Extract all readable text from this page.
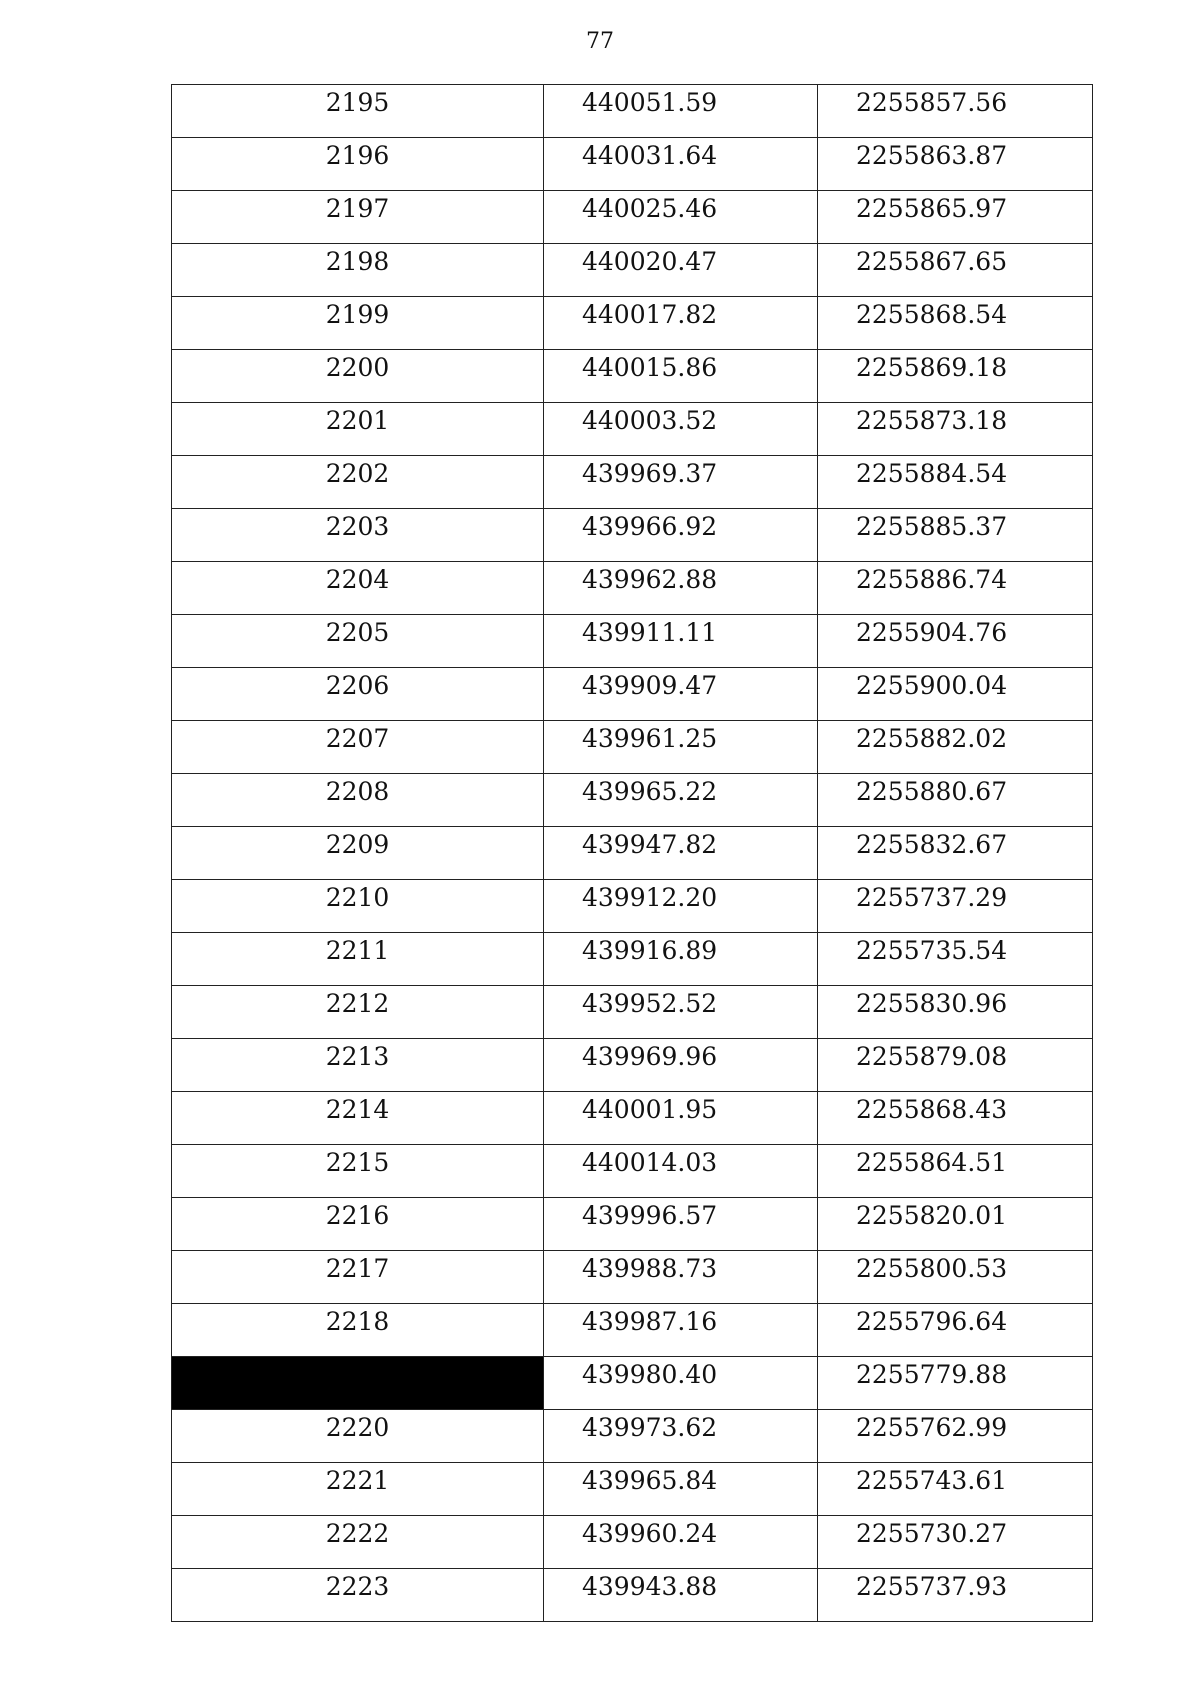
77
2195	440051.59	2255857.56
2196	440031.64	2255863.87
2197	440025.46	2255865.97
2198	440020.47	2255867.65
2199	440017.82	2255868.54
2200	440015.86	2255869.18
2201	440003.52	2255873.18
2202	439969.37	2255884.54
2203	439966.92	2255885.37
2204	439962.88	2255886.74
2205	439911.11	2255904.76
2206	439909.47	2255900.04
2207	439961.25	2255882.02
2208	439965.22	2255880.67
2209	439947.82	2255832.67
2210	439912.20	2255737.29
2211	439916.89	2255735.54
2212	439952.52	2255830.96
2213	439969.96	2255879.08
2214	440001.95	2255868.43
2215	440014.03	2255864.51
2216	439996.57	2255820.01
2217	439988.73	2255800.53
2218	439987.16	2255796.64
	439980.40	2255779.88
2220	439973.62	2255762.99
2221	439965.84	2255743.61
2222	439960.24	2255730.27
2223	439943.88	2255737.93
